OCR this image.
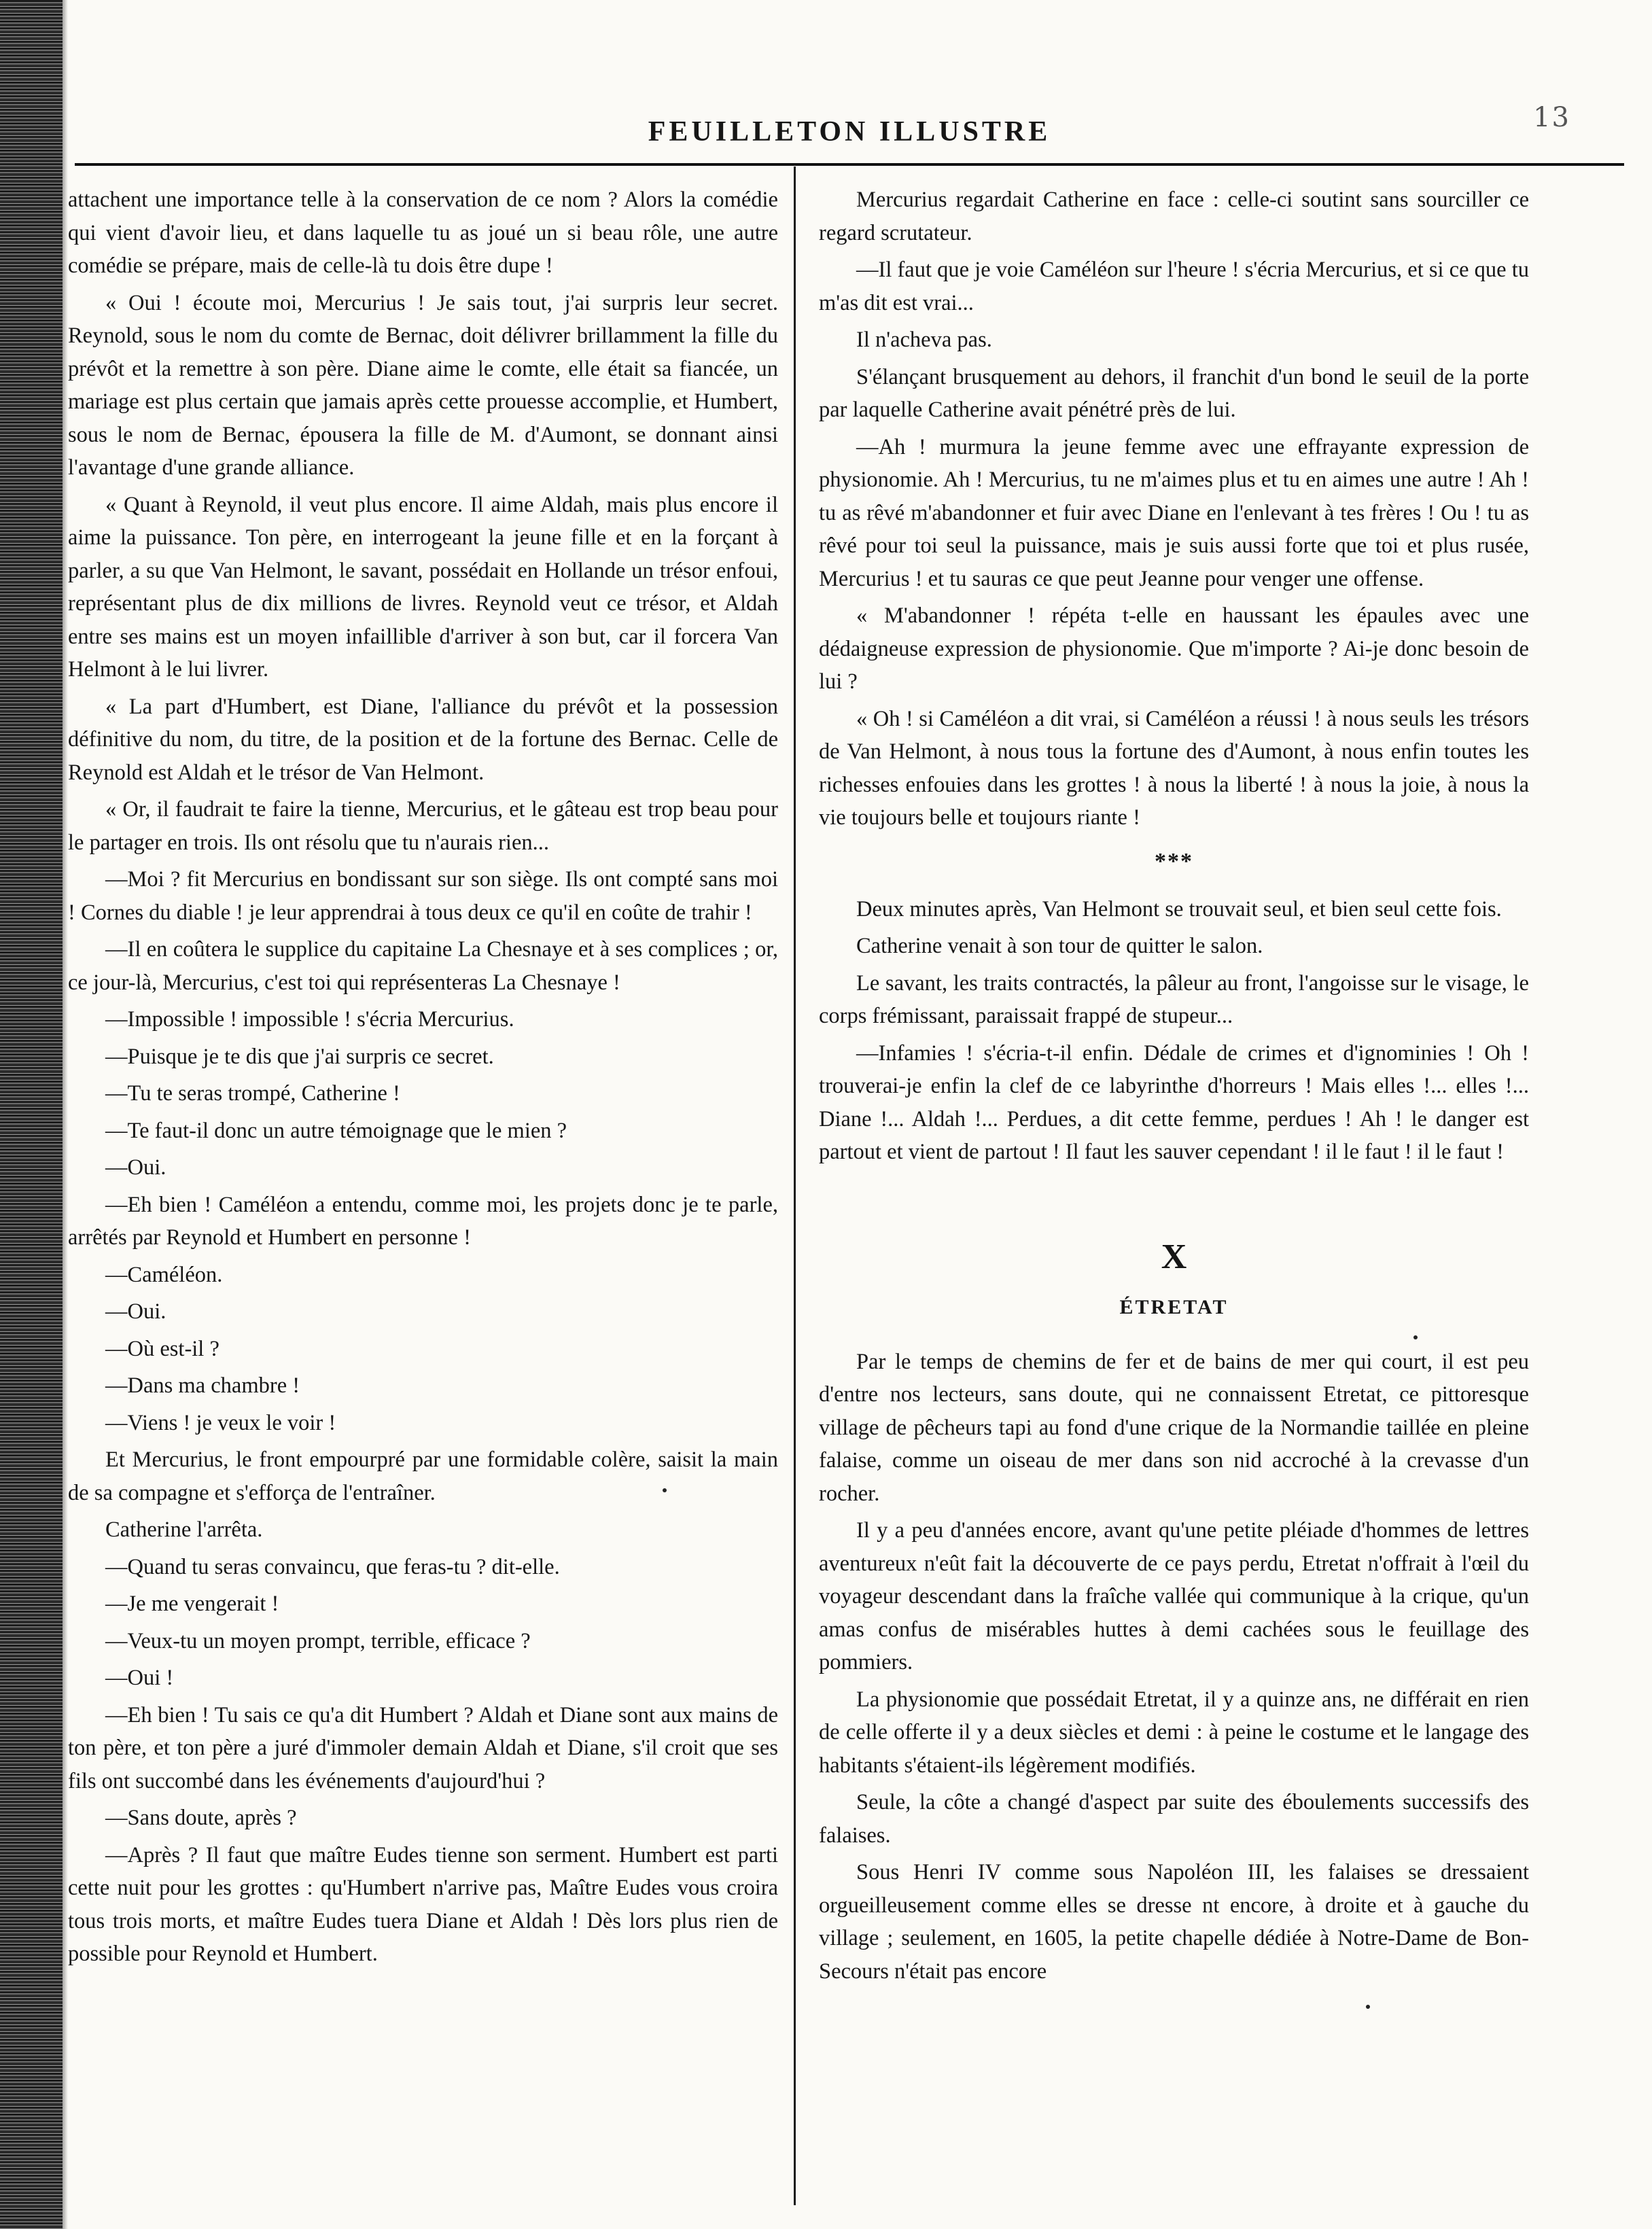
13
FEUILLETON ILLUSTRE

attachent une importance telle à la conservation de ce nom ? Alors la comédie qui vient d'avoir lieu, et dans laquelle tu as joué un si beau rôle, une autre comédie se prépare, mais de celle-là tu dois être dupe !

« Oui ! écoute moi, Mercurius ! Je sais tout, j'ai surpris leur secret. Reynold, sous le nom du comte de Bernac, doit délivrer brillamment la fille du prévôt et la remettre à son père. Diane aime le comte, elle était sa fiancée, un mariage est plus certain que jamais après cette prouesse accomplie, et Humbert, sous le nom de Bernac, épousera la fille de M. d'Aumont, se donnant ainsi l'avantage d'une grande alliance.

« Quant à Reynold, il veut plus encore. Il aime Aldah, mais plus encore il aime la puissance. Ton père, en interrogeant la jeune fille et en la forçant à parler, a su que Van Helmont, le savant, possédait en Hollande un trésor enfoui, représentant plus de dix millions de livres. Reynold veut ce trésor, et Aldah entre ses mains est un moyen infaillible d'arriver à son but, car il forcera Van Helmont à le lui livrer.

« La part d'Humbert, est Diane, l'alliance du prévôt et la possession définitive du nom, du titre, de la position et de la fortune des Bernac. Celle de Reynold est Aldah et le trésor de Van Helmont.

« Or, il faudrait te faire la tienne, Mercurius, et le gâteau est trop beau pour le partager en trois. Ils ont résolu que tu n'aurais rien...

—Moi ? fit Mercurius en bondissant sur son siège. Ils ont compté sans moi ! Cornes du diable ! je leur apprendrai à tous deux ce qu'il en coûte de trahir !

—Il en coûtera le supplice du capitaine La Chesnaye et à ses complices ; or, ce jour-là, Mercurius, c'est toi qui représenteras La Chesnaye !

—Impossible ! impossible ! s'écria Mercurius.

—Puisque je te dis que j'ai surpris ce secret.

—Tu te seras trompé, Catherine !

—Te faut-il donc un autre témoignage que le mien ?

—Oui.

—Eh bien ! Caméléon a entendu, comme moi, les projets donc je te parle, arrêtés par Reynold et Humbert en personne !

—Caméléon.

—Oui.

—Où est-il ?

—Dans ma chambre !

—Viens ! je veux le voir !

Et Mercurius, le front empourpré par une formidable colère, saisit la main de sa compagne et s'efforça de l'entraîner.

Catherine l'arrêta.

—Quand tu seras convaincu, que feras-tu ? dit-elle.

—Je me vengerait !

—Veux-tu un moyen prompt, terrible, efficace ?

—Oui !

—Eh bien ! Tu sais ce qu'a dit Humbert ? Aldah et Diane sont aux mains de ton père, et ton père a juré d'immoler demain Aldah et Diane, s'il croit que ses fils ont succombé dans les événements d'aujourd'hui ?

—Sans doute, après ?

—Après ? Il faut que maître Eudes tienne son serment. Humbert est parti cette nuit pour les grottes : qu'Humbert n'arrive pas, Maître Eudes vous croira tous trois morts, et maître Eudes tuera Diane et Aldah ! Dès lors plus rien de possible pour Reynold et Humbert.

Mercurius regardait Catherine en face : celle-ci soutint sans sourciller ce regard scrutateur.

—Il faut que je voie Caméléon sur l'heure ! s'écria Mercurius, et si ce que tu m'as dit est vrai...

Il n'acheva pas.

S'élançant brusquement au dehors, il franchit d'un bond le seuil de la porte par laquelle Catherine avait pénétré près de lui.

—Ah ! murmura la jeune femme avec une effrayante expression de physionomie. Ah ! Mercurius, tu ne m'aimes plus et tu en aimes une autre ! Ah ! tu as rêvé m'abandonner et fuir avec Diane en l'enlevant à tes frères ! Ou ! tu as rêvé pour toi seul la puissance, mais je suis aussi forte que toi et plus rusée, Mercurius ! et tu sauras ce que peut Jeanne pour venger une offense.

« M'abandonner ! répéta t-elle en haussant les épaules avec une dédaigneuse expression de physionomie. Que m'importe ? Ai-je donc besoin de lui ?

« Oh ! si Caméléon a dit vrai, si Caméléon a réussi ! à nous seuls les trésors de Van Helmont, à nous tous la fortune des d'Aumont, à nous enfin toutes les richesses enfouies dans les grottes ! à nous la liberté ! à nous la joie, à nous la vie toujours belle et toujours riante !

***

Deux minutes après, Van Helmont se trouvait seul, et bien seul cette fois.

Catherine venait à son tour de quitter le salon.

Le savant, les traits contractés, la pâleur au front, l'angoisse sur le visage, le corps frémissant, paraissait frappé de stupeur...

—Infamies ! s'écria-t-il enfin. Dédale de crimes et d'ignominies ! Oh ! trouverai-je enfin la clef de ce labyrinthe d'horreurs ! Mais elles !... elles !... Diane !... Aldah !... Perdues, a dit cette femme, perdues ! Ah ! le danger est partout et vient de partout ! Il faut les sauver cependant ! il le faut ! il le faut !

X
ÉTRETAT

Par le temps de chemins de fer et de bains de mer qui court, il est peu d'entre nos lecteurs, sans doute, qui ne connaissent Etretat, ce pittoresque village de pêcheurs tapi au fond d'une crique de la Normandie taillée en pleine falaise, comme un oiseau de mer dans son nid accroché à la crevasse d'un rocher.

Il y a peu d'années encore, avant qu'une petite pléiade d'hommes de lettres aventureux n'eût fait la découverte de ce pays perdu, Etretat n'offrait à l'œil du voyageur descendant dans la fraîche vallée qui communique à la crique, qu'un amas confus de misérables huttes à demi cachées sous le feuillage des pommiers.

La physionomie que possédait Etretat, il y a quinze ans, ne différait en rien de celle offerte il y a deux siècles et demi : à peine le costume et le langage des habitants s'étaient-ils légèrement modifiés.

Seule, la côte a changé d'aspect par suite des éboulements successifs des falaises.

Sous Henri IV comme sous Napoléon III, les falaises se dressaient orgueilleusement comme elles se dresse nt encore, à droite et à gauche du village ; seulement, en 1605, la petite chapelle dédiée à Notre-Dame de Bon-Secours n'était pas encore
